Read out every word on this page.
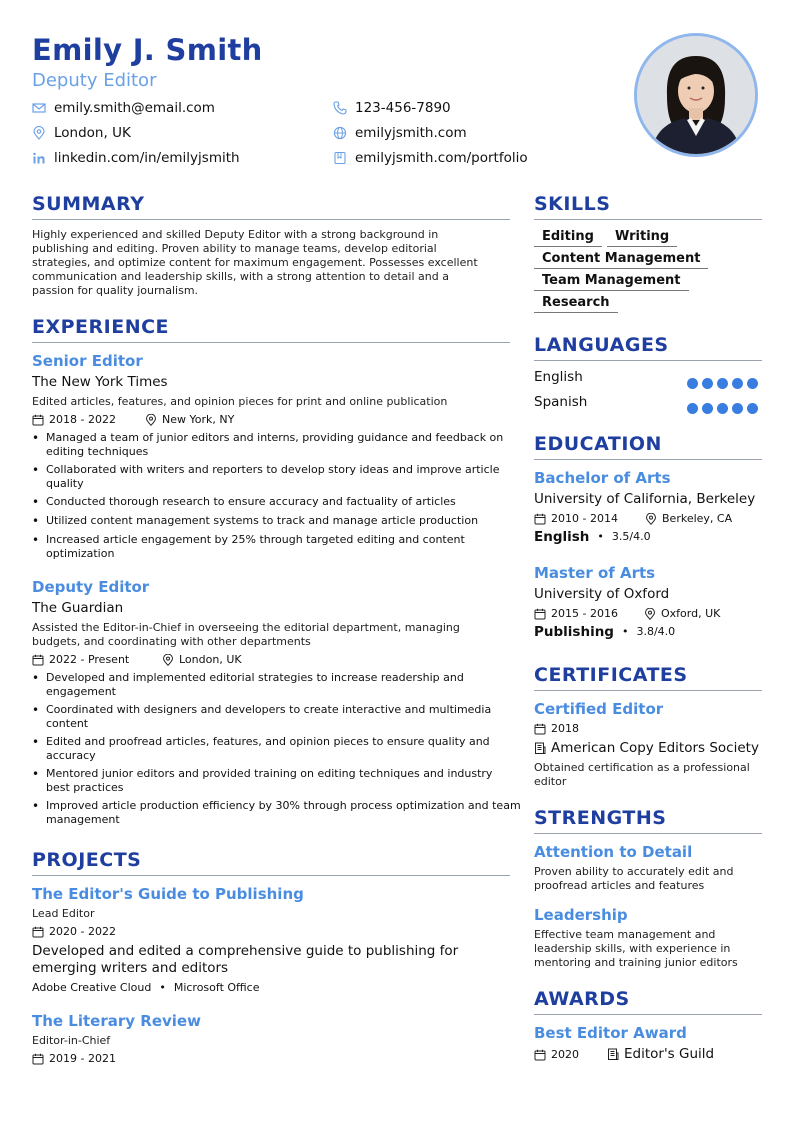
Emily J. Smith
Deputy Editor
emily.smith@email.com	123-456-7890
London, UK	emilyjsmith.com
linkedin.com/in/emilyjsmith	emilyjsmith.com/portfolio
SUMMARY
Highly experienced and skilled Deputy Editor with a strong background in publishing and editing. Proven ability to manage teams, develop editorial strategies, and optimize content for maximum engagement. Possesses excellent communication and leadership skills, with a strong attention to detail and a passion for quality journalism.
EXPERIENCE
Senior Editor
The New York Times
Edited articles, features, and opinion pieces for print and online publication
2018 - 2022	New York, NY
• Managed a team of junior editors and interns, providing guidance and feedback on editing techniques
• Collaborated with writers and reporters to develop story ideas and improve article quality
• Conducted thorough research to ensure accuracy and factuality of articles
• Utilized content management systems to track and manage article production
• Increased article engagement by 25% through targeted editing and content optimization
Deputy Editor
The Guardian
Assisted the Editor-in-Chief in overseeing the editorial department, managing budgets, and coordinating with other departments
2022 - Present	London, UK
• Developed and implemented editorial strategies to increase readership and engagement
• Coordinated with designers and developers to create interactive and multimedia content
• Edited and proofread articles, features, and opinion pieces to ensure quality and accuracy
• Mentored junior editors and provided training on editing techniques and industry best practices
• Improved article production efficiency by 30% through process optimization and team management
PROJECTS
The Editor's Guide to Publishing
Lead Editor
2020 - 2022
Developed and edited a comprehensive guide to publishing for emerging writers and editors
Adobe Creative Cloud • Microsoft Office
The Literary Review
Editor-in-Chief
2019 - 2021
SKILLS
Editing	Writing
Content Management
Team Management
Research
LANGUAGES
English
Spanish
EDUCATION
Bachelor of Arts
University of California, Berkeley
2010 - 2014	Berkeley, CA
English • 3.5/4.0
Master of Arts
University of Oxford
2015 - 2016	Oxford, UK
Publishing • 3.8/4.0
CERTIFICATES
Certified Editor
2018
American Copy Editors Society
Obtained certification as a professional editor
STRENGTHS
Attention to Detail
Proven ability to accurately edit and proofread articles and features
Leadership
Effective team management and leadership skills, with experience in mentoring and training junior editors
AWARDS
Best Editor Award
2020	Editor's Guild
